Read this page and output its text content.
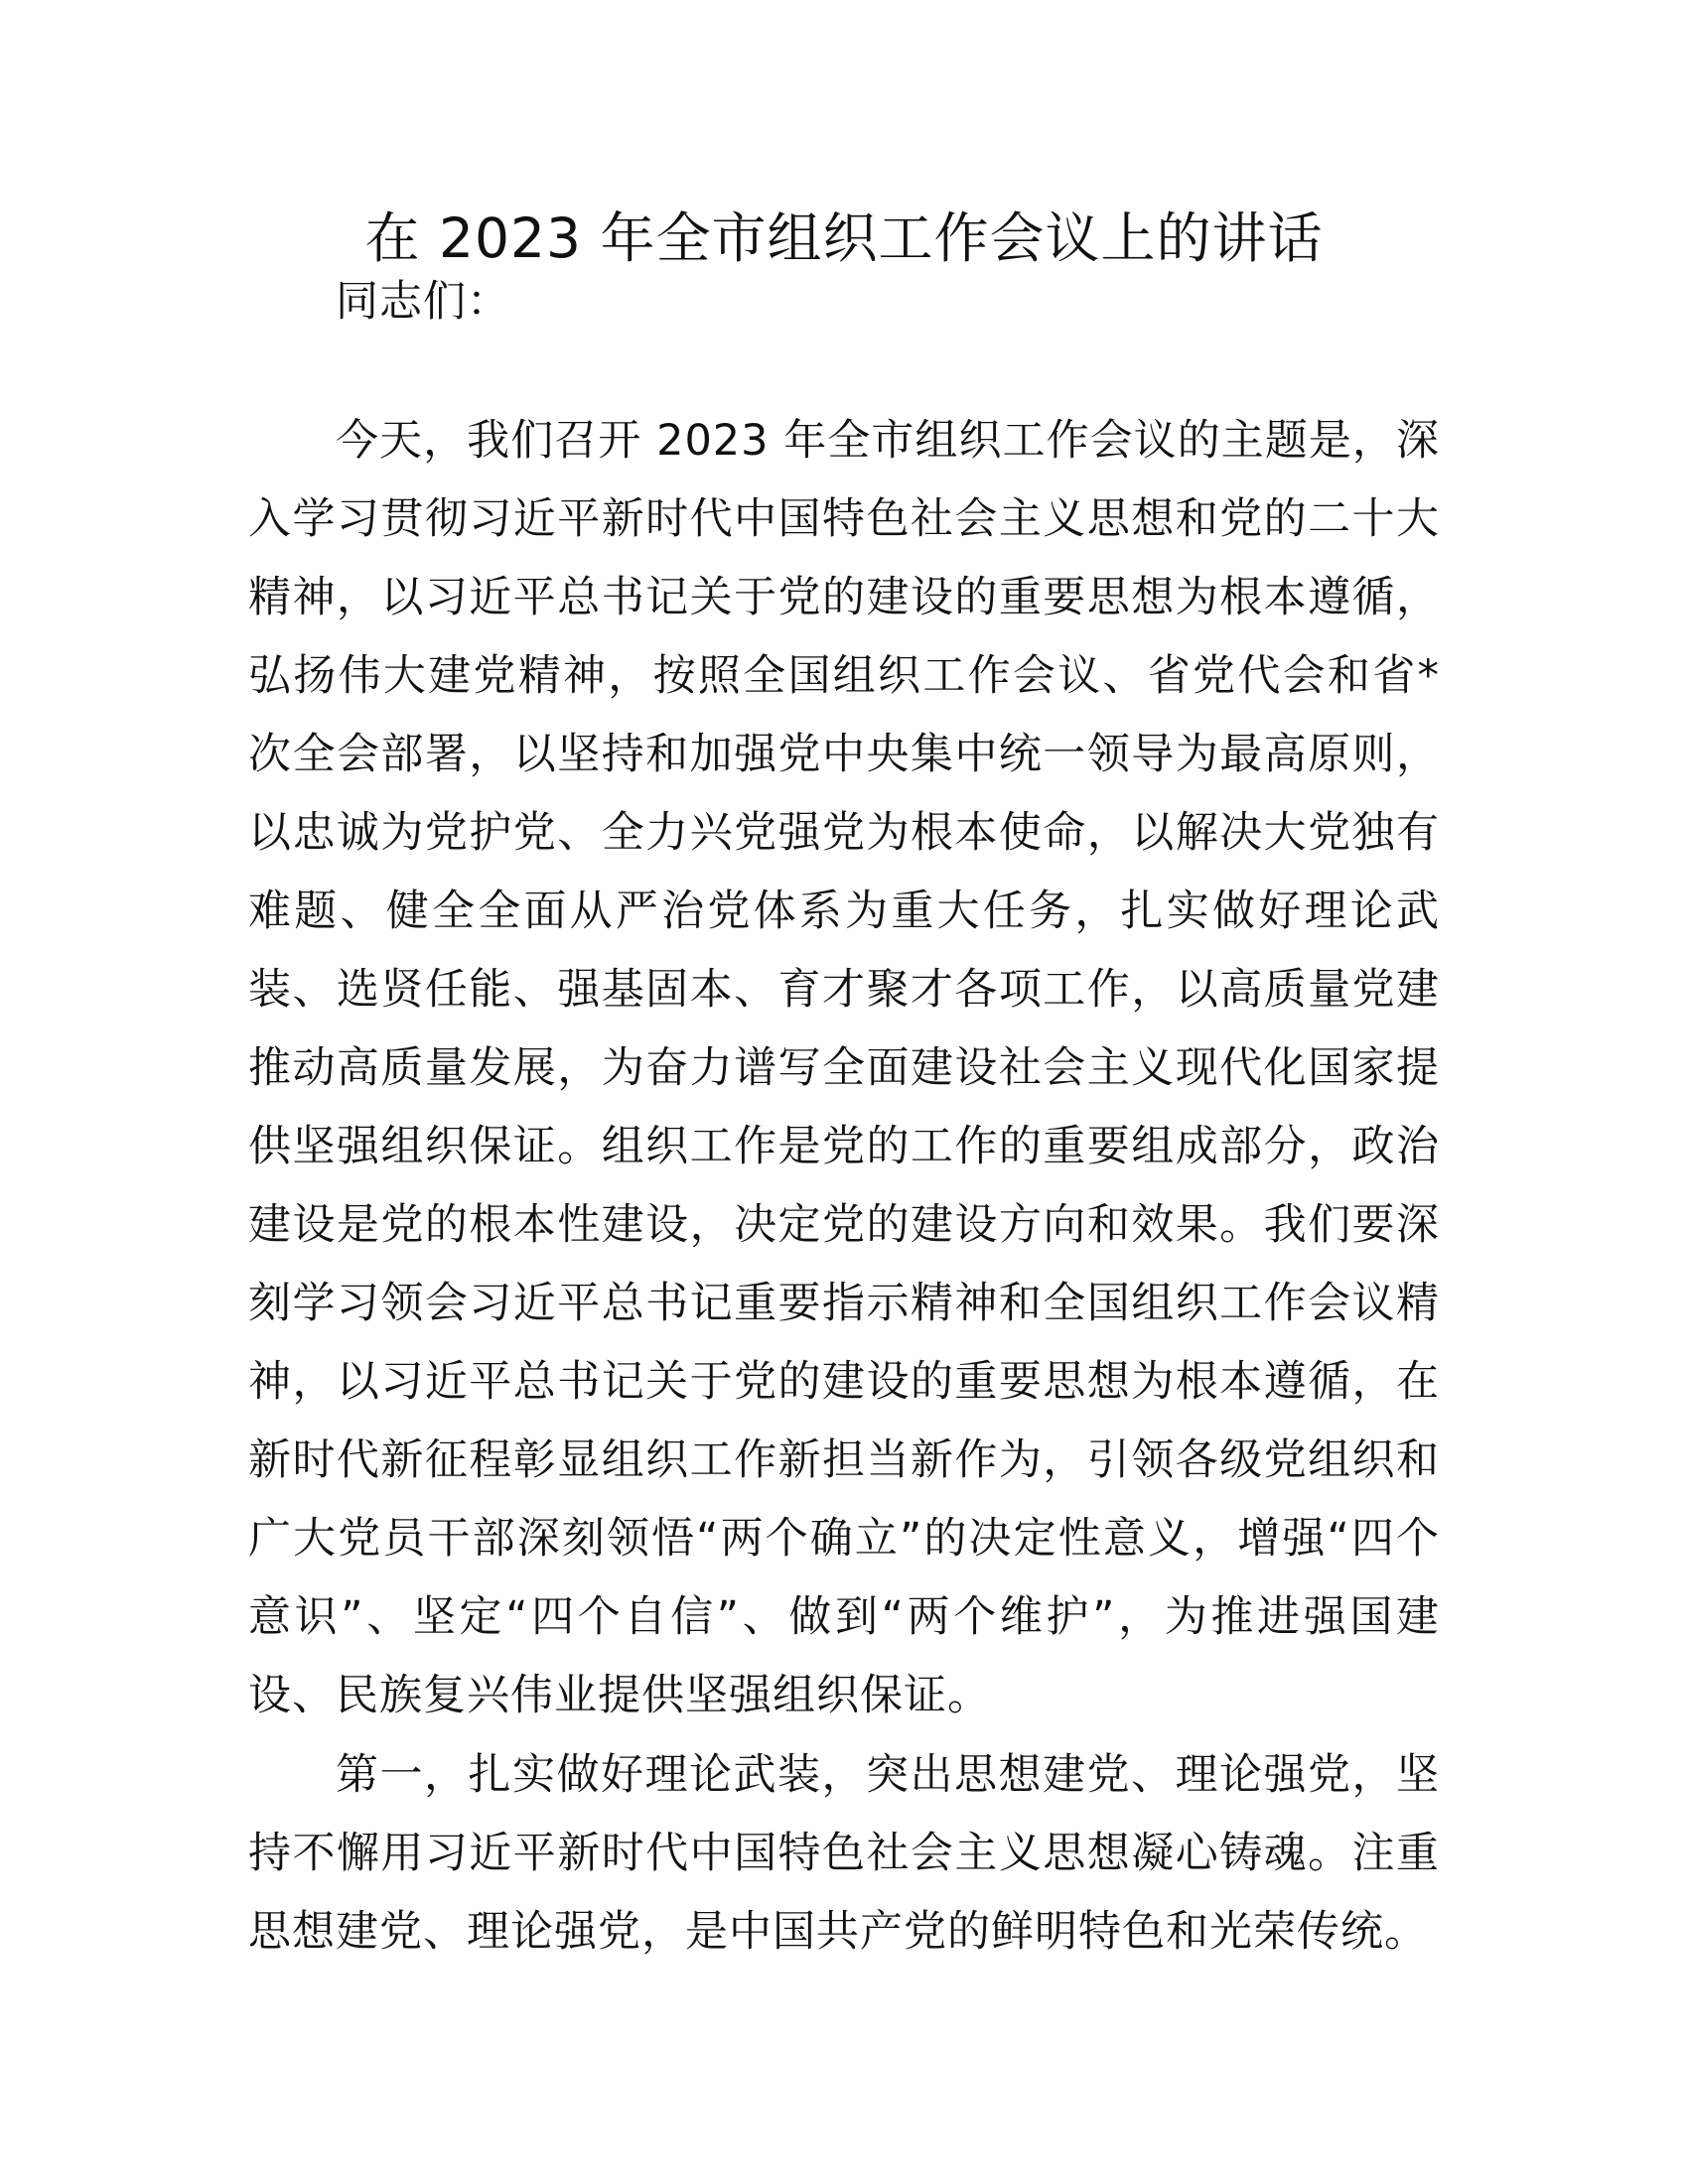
在 2023 年全市组织工作会议上的讲话
同志们：
今天，我们召开 2023 年全市组织工作会议的主题是，深
入学习贯彻习近平新时代中国特色社会主义思想和党的二十大
精神，以习近平总书记关于党的建设的重要思想为根本遵循，
弘扬伟大建党精神，按照全国组织工作会议、省党代会和省*
次全会部署，以坚持和加强党中央集中统一领导为最高原则，
以忠诚为党护党、全力兴党强党为根本使命，以解决大党独有
难题、健全全面从严治党体系为重大任务，扎实做好理论武
装、选贤任能、强基固本、育才聚才各项工作，以高质量党建
推动高质量发展，为奋力谱写全面建设社会主义现代化国家提
供坚强组织保证。组织工作是党的工作的重要组成部分，政治
建设是党的根本性建设，决定党的建设方向和效果。我们要深
刻学习领会习近平总书记重要指示精神和全国组织工作会议精
神，以习近平总书记关于党的建设的重要思想为根本遵循，在
新时代新征程彰显组织工作新担当新作为，引领各级党组织和
广大党员干部深刻领悟“两个确立”的决定性意义，增强“四个
意识”、坚定“四个自信”、做到“两个维护”，为推进强国建
设、民族复兴伟业提供坚强组织保证。
第一，扎实做好理论武装，突出思想建党、理论强党，坚
持不懈用习近平新时代中国特色社会主义思想凝心铸魂。注重
思想建党、理论强党，是中国共产党的鲜明特色和光荣传统。
